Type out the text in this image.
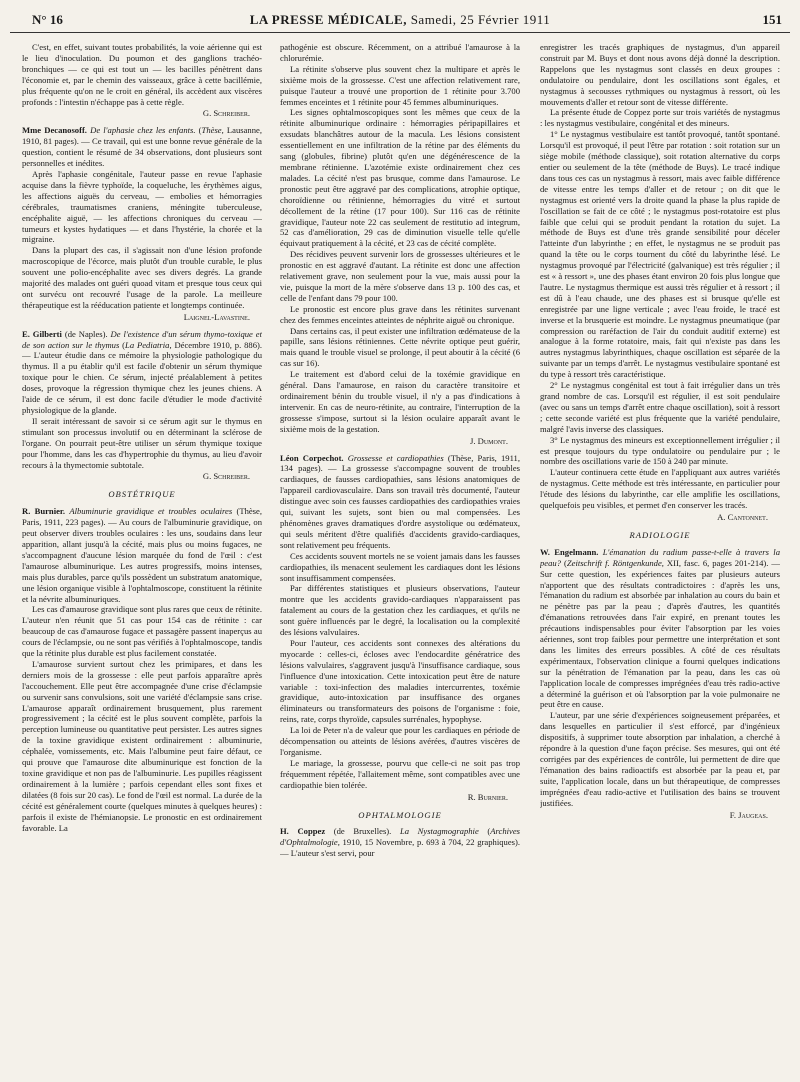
N° 16	LA PRESSE MÉDICALE, Samedi, 25 Février 1911	151

C'est, en effet, suivant toutes probabilités, la voie aérienne qui est le lieu d'inoculation. Du poumon et des ganglions trachéo-bronchiques — ce qui est tout un — les bacilles pénètrent dans l'économie et, par le chemin des vaisseaux, grâce à cette bacillémie, plus fréquente qu'on ne le croit en général, ils accèdent aux viscères profonds : l'intestin n'échappe pas à cette règle.

G. Schreiber.

Mme Decanosoff. De l'aphasie chez les enfants. (Thèse, Lausanne, 1910, 81 pages). — Ce travail, qui est une bonne revue générale de la question, contient le résumé de 34 observations, dont plusieurs sont personnelles et inédites.

Après l'aphasie congénitale, l'auteur passe en revue l'aphasie acquise dans la fièvre typhoïde, la coqueluche, les érythèmes aigus, les affections aiguës du cerveau, — embolies et hémorragies cérébrales, traumatismes craniens, méningite tuberculeuse, encéphalite aiguë, — les affections chroniques du cerveau — tumeurs et kystes hydatiques — et dans l'hystérie, la chorée et la migraine.

Dans la plupart des cas, il s'agissait non d'une lésion profonde macroscopique de l'écorce, mais plutôt d'un trouble curable, le plus souvent une polio-encéphalite avec ses divers degrés. La grande majorité des malades ont guéri quoad vitam et presque tous ceux qui ont survécu ont recouvré l'usage de la parole. La meilleure thérapeutique est la rééducation patiente et longtemps continuée.

Laignel-Lavastine.

E. Gilberti (de Naples). De l'existence d'un sérum thymo-toxique et de son action sur le thymus (La Pediatria, Décembre 1910, p. 886). — L'auteur étudie dans ce mémoire la physiologie pathologique du thymus. Il a pu établir qu'il est facile d'obtenir un sérum thymique toxique pour le chien. Ce sérum, injecté préalablement à petites doses, provoque la régression thymique chez les jeunes chiens. A l'aide de ce sérum, il est donc facile d'étudier le mode d'activité physiologique de la glande.

Il serait intéressant de savoir si ce sérum agit sur le thymus en stimulant son processus involutif ou en déterminant la sclérose de l'organe. On pourrait peut-être utiliser un sérum thymique toxique pour l'homme, dans les cas d'hypertrophie du thymus, au lieu d'avoir recours à la thymectomie subtotale.

G. Schreiber.
OBSTÉTRIQUE

R. Burnier. Albuminurie gravidique et troubles oculaires (Thèse, Paris, 1911, 223 pages). — Au cours de l'albuminurie gravidique, on peut observer divers troubles oculaires : les uns, soudains dans leur apparition, allant jusqu'à la cécité, mais plus ou moins fugaces, ne s'accompagnent d'aucune lésion marquée du fond de l'œil : c'est l'amaurose albuminurique. Les autres progressifs, moins intenses, mais plus durables, parce qu'ils possèdent un substratum anatomique, une lésion organique visible à l'ophtalmoscope, constituent la rétinite et la névrite albuminuriques.

Les cas d'amaurose gravidique sont plus rares que ceux de rétinite. L'auteur n'en réunit que 51 cas pour 154 cas de rétinite : car beaucoup de cas d'amaurose fugace et passagère passent inaperçus au cours de l'éclampsie, ou ne sont pas vérifiés à l'ophtalmoscope, tandis que la rétinite plus durable est plus facilement constatée.

L'amaurose survient surtout chez les primipares, et dans les derniers mois de la grossesse : elle peut parfois apparaître après l'accouchement. Elle peut être accompagnée d'une crise d'éclampsie ou survenir sans convulsions, soit une variété d'éclampsie sans crise. L'amaurose apparaît ordinairement brusquement, plus rarement progressivement ; la cécité est le plus souvent complète, parfois la perception lumineuse ou quantitative peut persister. Les autres signes de la toxine gravidique existent ordinairement : albuminurie, céphalée, vomissements, etc. Mais l'albumine peut faire défaut, ce qui prouve que l'amaurose dite albuminurique est fonction de la toxine gravidique et non pas de l'albuminurie. Les pupilles réagissent ordinairement à la lumière ; parfois cependant elles sont fixes et dilatées (8 fois sur 20 cas). Le fond de l'œil est normal. La durée de la cécité est généralement courte (quelques minutes à quelques heures) : parfois il existe de l'hémianopsie. Le pronostic en est ordinairement favorable. La

pathogénie est obscure. Récemment, on a attribué l'amaurose à la chlorurémie.

La rétinite s'observe plus souvent chez la multipare et après le sixième mois de la grossesse. C'est une affection relativement rare, puisque l'auteur a trouvé une proportion de 1 rétinite pour 3.700 femmes enceintes et 1 rétinite pour 45 femmes albuminuriques.

Les signes ophtalmoscopiques sont les mêmes que ceux de la rétinite albuminurique ordinaire : hémorragies péripapillaires et exsudats blanchâtres autour de la macula. Les lésions consistent essentiellement en une infiltration de la rétine par des éléments du sang (globules, fibrine) plutôt qu'en une dégénérescence de la membrane rétinienne. L'azotémie existe ordinairement chez ces malades. La cécité n'est pas brusque, comme dans l'amaurose. Le pronostic peut être aggravé par des complications, atrophie optique, choroïdienne ou rétinienne, hémorragies du vitré et surtout décollement de la rétine (17 pour 100). Sur 116 cas de rétinite gravidique, l'auteur note 22 cas seulement de restitutio ad integrum, 52 cas d'amélioration, 29 cas de diminution visuelle telle qu'elle équivaut pratiquement à la cécité, et 23 cas de cécité complète.

Des récidives peuvent survenir lors de grossesses ultérieures et le pronostic en est aggravé d'autant. La rétinite est donc une affection relativement grave, non seulement pour la vue, mais aussi pour la vie, puisque la mort de la mère s'observe dans 13 p. 100 des cas, et celle de l'enfant dans 79 pour 100.

Le pronostic est encore plus grave dans les rétinites survenant chez des femmes enceintes atteintes de néphrite aiguë ou chronique.

Dans certains cas, il peut exister une infiltration œdémateuse de la papille, sans lésions rétiniennes. Cette névrite optique peut guérir, mais quand le trouble visuel se prolonge, il peut aboutir à la cécité (6 cas sur 16).

Le traitement est d'abord celui de la toxémie gravidique en général. Dans l'amaurose, en raison du caractère transitoire et ordinairement bénin du trouble visuel, il n'y a pas d'indications à intervenir. En cas de neuro-rétinite, au contraire, l'interruption de la grossesse s'impose, surtout si la lésion oculaire apparaît avant le sixième mois de la gestation.

J. Dumont.

Léon Corpechot. Grossesse et cardiopathies (Thèse, Paris, 1911, 134 pages). — La grossesse s'accompagne souvent de troubles cardiaques, de fausses cardiopathies, sans lésions anatomiques de l'appareil cardiovasculaire. Dans son travail très documenté, l'auteur distingue avec soin ces fausses cardiopathies des cardiopathies vraies qui, suivant les sujets, sont bien ou mal compensées. Les phénomènes graves dramatiques d'ordre asystolique ou œdémateux, qui seuls méritent d'être qualifiés d'accidents gravido-cardiaques, sont relativement peu fréquents.

Ces accidents souvent mortels ne se voient jamais dans les fausses cardiopathies, ils menacent seulement les cardiaques dont les lésions sont insuffisamment compensées.

Par différentes statistiques et plusieurs observations, l'auteur montre que les accidents gravido-cardiaques n'apparaissent pas fatalement au cours de la gestation chez les cardiaques, et qu'ils ne sont guère influencés par le degré, la localisation ou la complexité des lésions valvulaires.

Pour l'auteur, ces accidents sont connexes des altérations du myocarde : celles-ci, écloses avec l'endocardite génératrice des lésions valvulaires, s'aggravent jusqu'à l'insuffisance cardiaque, sous l'influence d'une intoxication. Cette intoxication peut être de nature variable : toxi-infection des maladies intercurrentes, toxémie gravidique, auto-intoxication par insuffisance des organes éliminateurs ou transformateurs des poisons de l'organisme : foie, reins, rate, corps thyroïde, capsules surrénales, hypophyse.

La loi de Peter n'a de valeur que pour les cardiaques en période de décompensation ou atteints de lésions avérées, d'autres viscères de l'organisme.

Le mariage, la grossesse, pourvu que celle-ci ne soit pas trop fréquemment répétée, l'allaitement même, sont compatibles avec une cardiopathie bien tolérée.

R. Burnier.
OPHTALMOLOGIE

H. Coppez (de Bruxelles). La Nystagmographie (Archives d'Ophtalmologie, 1910, 15 Novembre, p. 693 à 704, 22 graphiques). — L'auteur s'est servi, pour

enregistrer les tracés graphiques de nystagmus, d'un appareil construit par M. Buys et dont nous avons déjà donné la description. Rappelons que les nystagmus sont classés en deux groupes : ondulatoire ou pendulaire, dont les oscillations sont égales, et nystagmus à secousses rythmiques ou nystagmus à ressort, où les mouvements d'aller et retour sont de vitesse différente.

La présente étude de Coppez porte sur trois variétés de nystagmus : les nystagmus vestibulaire, congénital et des mineurs.

1° Le nystagmus vestibulaire est tantôt provoqué, tantôt spontané. Lorsqu'il est provoqué, il peut l'être par rotation : soit rotation sur un siège mobile (méthode classique), soit rotation alternative du corps entier ou seulement de la tête (méthode de Buys). Le tracé indique dans tous ces cas un nystagmus à ressort, mais avec faible différence de vitesse entre les temps d'aller et de retour ; on dit que le nystagmus est orienté vers la droite quand la phase la plus rapide de l'oscillation se fait de ce côté ; le nystagmus post-rotatoire est plus faible que celui qui se produit pendant la rotation du sujet. La méthode de Buys est d'une très grande sensibilité pour déceler l'atteinte d'un labyrinthe ; en effet, le nystagmus ne se produit pas quand la tête ou le corps tournent du côté du labyrinthe lésé. Le nystagmus provoqué par l'électricité (galvanique) est très régulier ; il est « à ressort », une des phases étant environ 20 fois plus longue que l'autre. Le nystagmus thermique est aussi très régulier et à ressort ; il est dû à l'eau chaude, une des phases est si brusque qu'elle est enregistrée par une ligne verticale ; avec l'eau froide, le tracé est inverse et la brusquerie est moindre. Le nystagmus pneumatique (par compression ou raréfaction de l'air du conduit auditif externe) est analogue à la forme rotatoire, mais, fait qui n'existe pas dans les autres nystagmus labyrinthiques, chaque oscillation est séparée de la suivante par un temps d'arrêt. Le nystagmus vestibulaire spontané est du type à ressort très caractéristique.

2° Le nystagmus congénital est tout à fait irrégulier dans un très grand nombre de cas. Lorsqu'il est régulier, il est soit pendulaire (avec ou sans un temps d'arrêt entre chaque oscillation), soit à ressort ; cette seconde variété est plus fréquente que la variété pendulaire, malgré l'avis inverse des classiques.

3° Le nystagmus des mineurs est exceptionnellement irrégulier ; il est presque toujours du type ondulatoire ou pendulaire pur ; le nombre des oscillations varie de 150 à 240 par minute.

L'auteur continuera cette étude en l'appliquant aux autres variétés de nystagmus. Cette méthode est très intéressante, en particulier pour l'étude des lésions du labyrinthe, car elle amplifie les oscillations, quelquefois peu visibles, et permet d'en conserver les tracés.

A. Cantonnet.
RADIOLOGIE

W. Engelmann. L'émanation du radium passe-t-elle à travers la peau? (Zeitschrift f. Röntgenkunde, XII, fasc. 6, pages 201-214). — Sur cette question, les expériences faites par plusieurs auteurs n'apportent que des résultats contradictoires : d'après les uns, l'émanation du radium est absorbée par inhalation au cours du bain et ne pénètre pas par la peau ; d'après d'autres, les quantités d'émanations retrouvées dans l'air expiré, en prenant toutes les précautions indispensables pour éviter l'absorption par les voies aériennes, sont trop faibles pour permettre une interprétation et sont dans les limites des erreurs possibles. A côté de ces résultats expérimentaux, l'observation clinique a fourni quelques indications sur la pénétration de l'émanation par la peau, dans les cas où l'application locale de compresses imprégnées d'eau très radio-active a déterminé la guérison et où l'absorption par la voie pulmonaire ne peut être en cause.

L'auteur, par une série d'expériences soigneusement préparées, et dans lesquelles en particulier il s'est efforcé, par d'ingénieux dispositifs, à supprimer toute absorption par inhalation, a cherché à répondre à la question d'une façon précise. Ses mesures, qui ont été corrigées par des expériences de contrôle, lui permettent de dire que l'émanation des bains radioactifs est absorbée par la peau et, par suite, l'application locale, dans un but thérapeutique, de compresses imprégnées d'eau radio-active et l'utilisation des bains se trouvent justifiées.

F. Jaugeas.
